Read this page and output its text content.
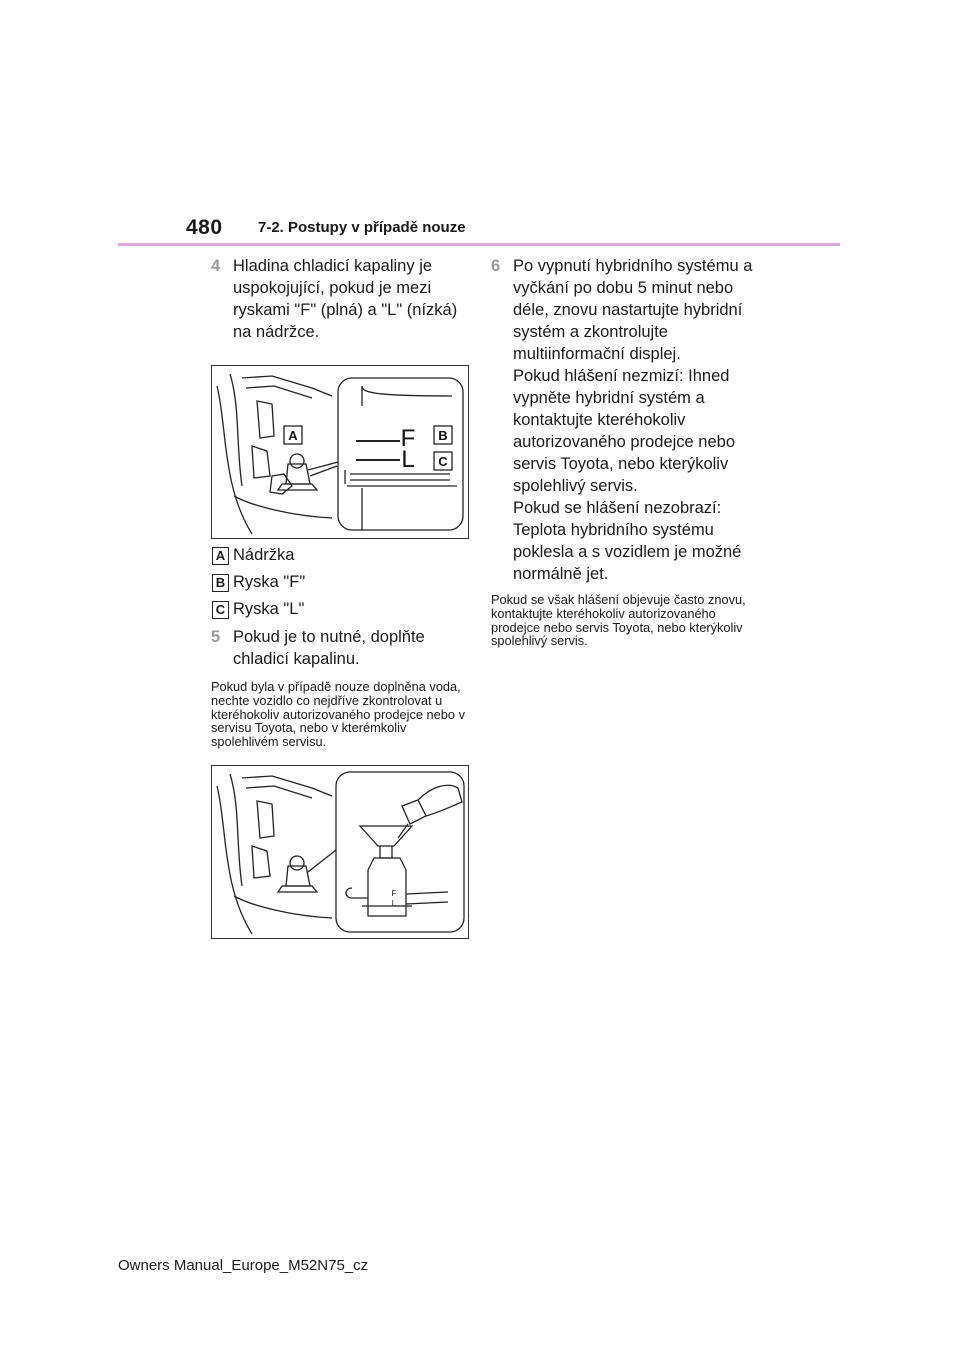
480 7-2. Postupy v případě nouze
4 Hladina chladicí kapaliny je uspokojující, pokud je mezi ryskami "F" (plná) a "L" (nízká) na nádržce.

A	F
L
B
C
A Nádržka
B Ryska "F"
C Ryska "L"
5 Pokud je to nutné, doplňte chladicí kapalinu.

Pokud byla v případě nouze doplněna voda, nechte vozidlo co nejdříve zkontrolovat u kteréhokoliv autorizovaného prodejce nebo v servisu Toyota, nebo v kterémkoliv spolehlivém servisu.

F
L
6 Po vypnutí hybridního systému a vyčkání po dobu 5 minut nebo déle, znovu nastartujte hybridní systém a zkontrolujte multiinformační displej.

Pokud hlášení nezmizí: Ihned vypněte hybridní systém a kontaktujte kteréhokoliv autorizovaného prodejce nebo servis Toyota, nebo kterýkoliv spolehlivý servis.

Pokud se hlášení nezobrazí: Teplota hybridního systému poklesla a s vozidlem je možné normálně jet.

Pokud se však hlášení objevuje často znovu, kontaktujte kteréhokoliv autorizovaného prodejce nebo servis Toyota, nebo kterýkoliv spolehlivý servis.

Owners Manual_Europe_M52N75_cz
